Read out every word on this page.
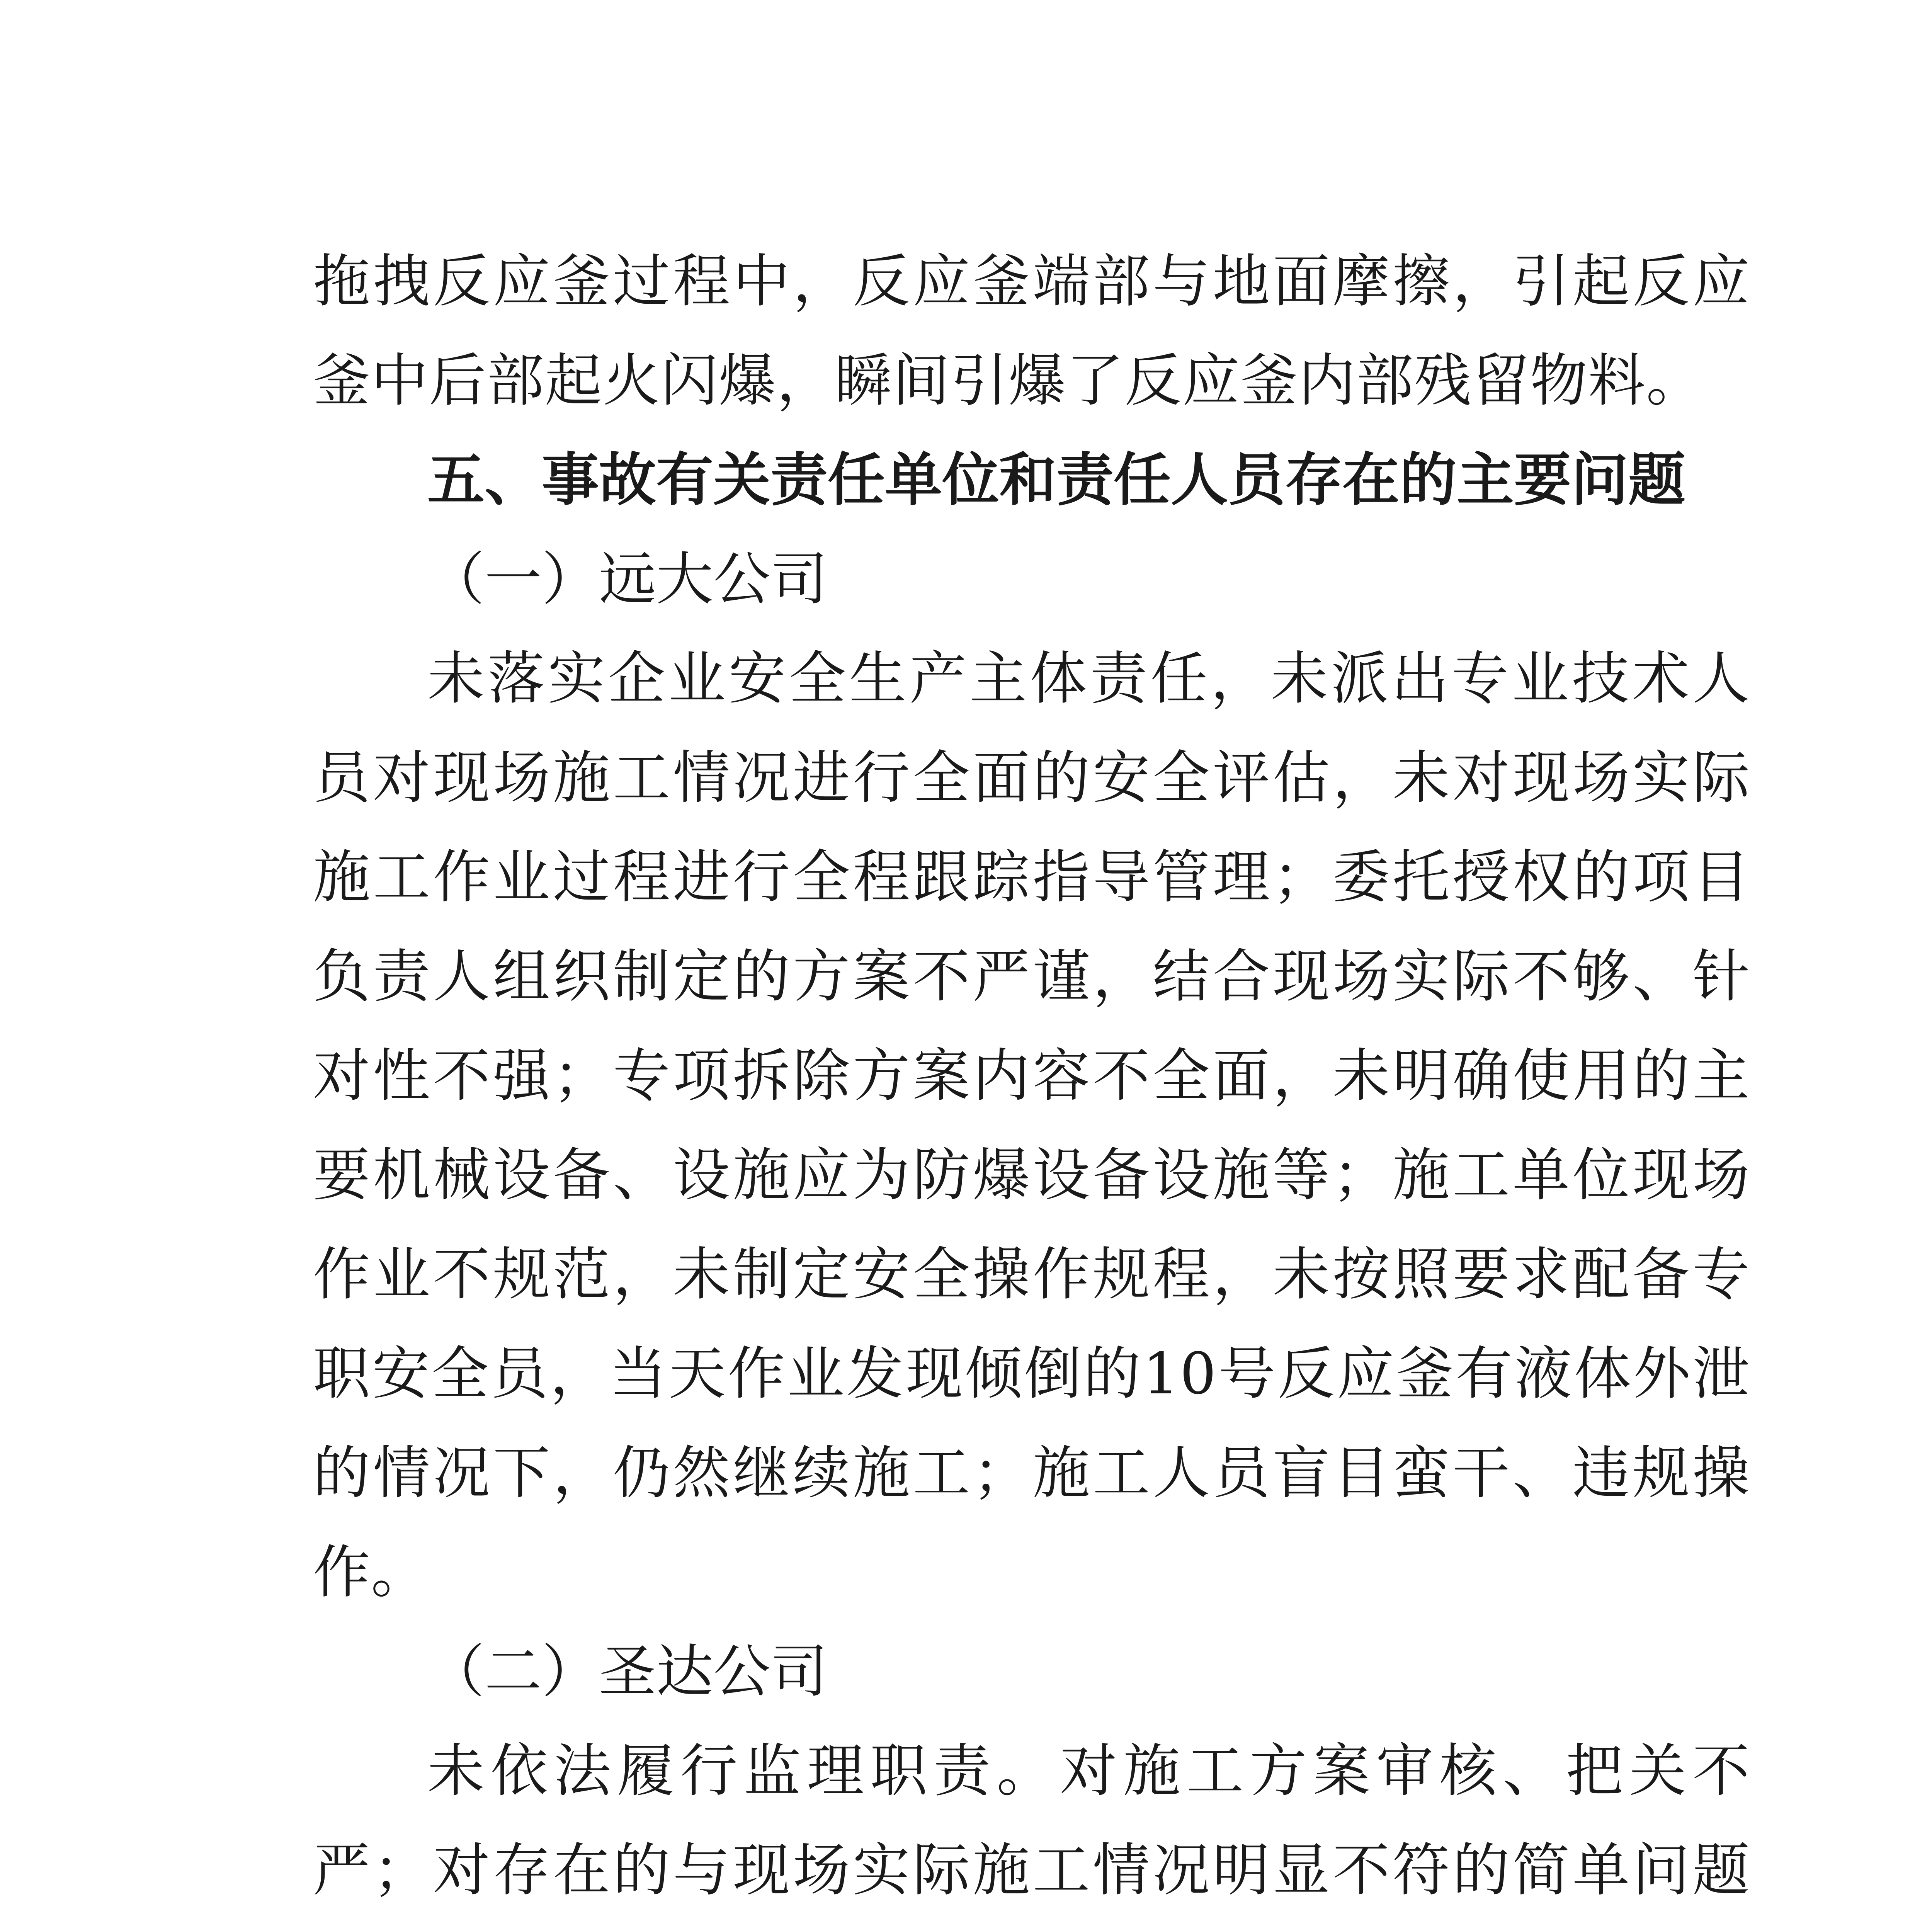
拖拽反应釜过程中，反应釜端部与地面摩擦，引起反应釜中后部起火闪爆，瞬间引爆了反应釜内部残留物料。

五、事故有关责任单位和责任人员存在的主要问题

（一）远大公司

未落实企业安全生产主体责任，未派出专业技术人员对现场施工情况进行全面的安全评估，未对现场实际施工作业过程进行全程跟踪指导管理；委托授权的项目负责人组织制定的方案不严谨，结合现场实际不够、针对性不强；专项拆除方案内容不全面，未明确使用的主要机械设备、设施应为防爆设备设施等；施工单位现场作业不规范，未制定安全操作规程，未按照要求配备专职安全员，当天作业发现倾倒的10号反应釜有液体外泄的情况下，仍然继续施工；施工人员盲目蛮干、违规操作。

（二）圣达公司

未依法履行监理职责。对施工方案审核、把关不严；对存在的与现场实际施工情况明显不符的简单问题
